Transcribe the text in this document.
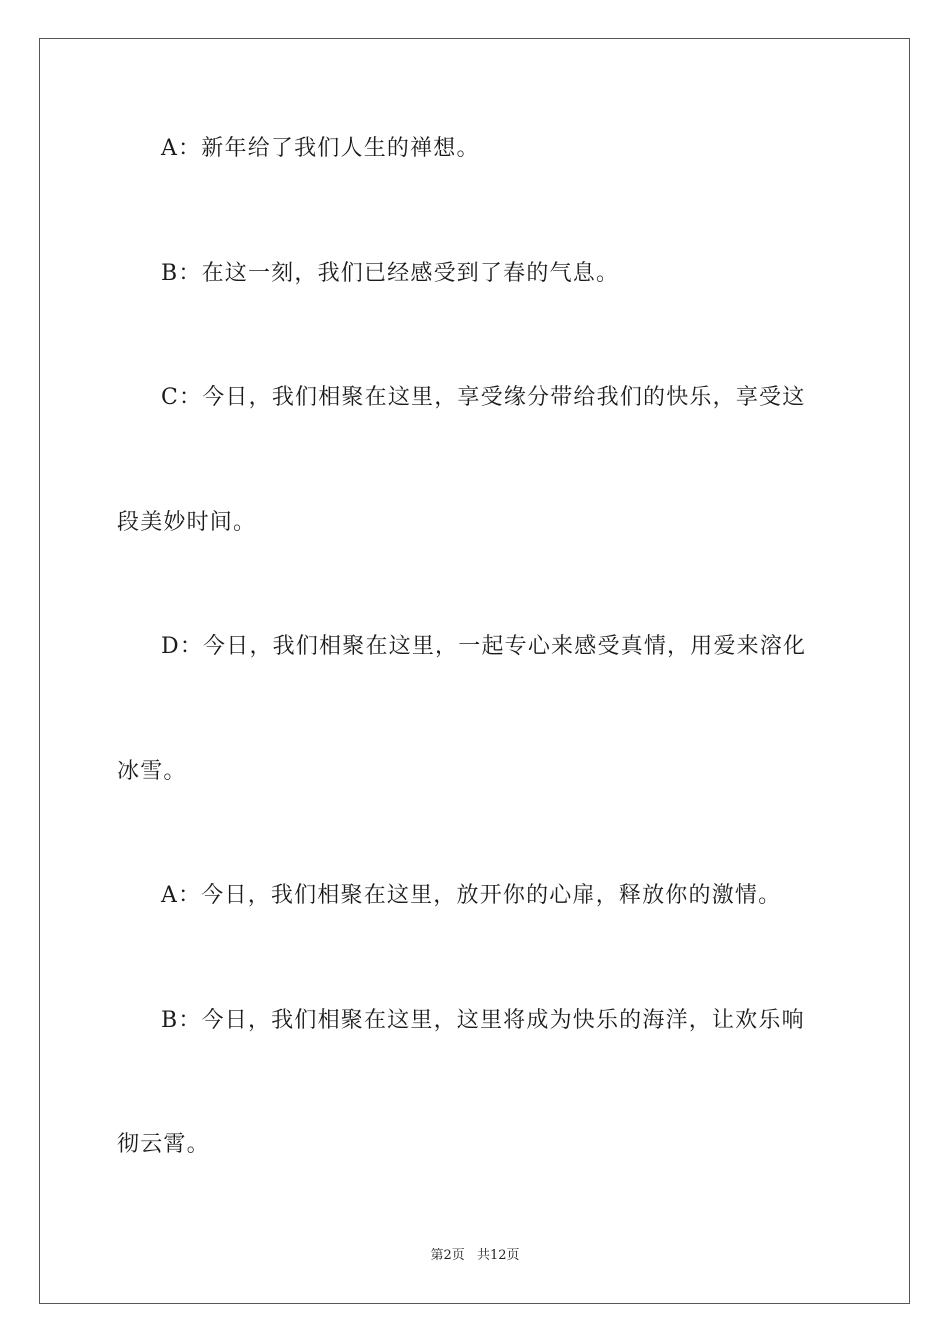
A：新年给了我们人生的禅想。
B：在这一刻，我们已经感受到了春的气息。
C：今日，我们相聚在这里，享受缘分带给我们的快乐，享受这
段美妙时间。
D：今日，我们相聚在这里，一起专心来感受真情，用爱来溶化
冰雪。
A：今日，我们相聚在这里，放开你的心扉，释放你的激情。
B：今日，我们相聚在这里，这里将成为快乐的海洋，让欢乐响
彻云霄。
第2页 共12页
